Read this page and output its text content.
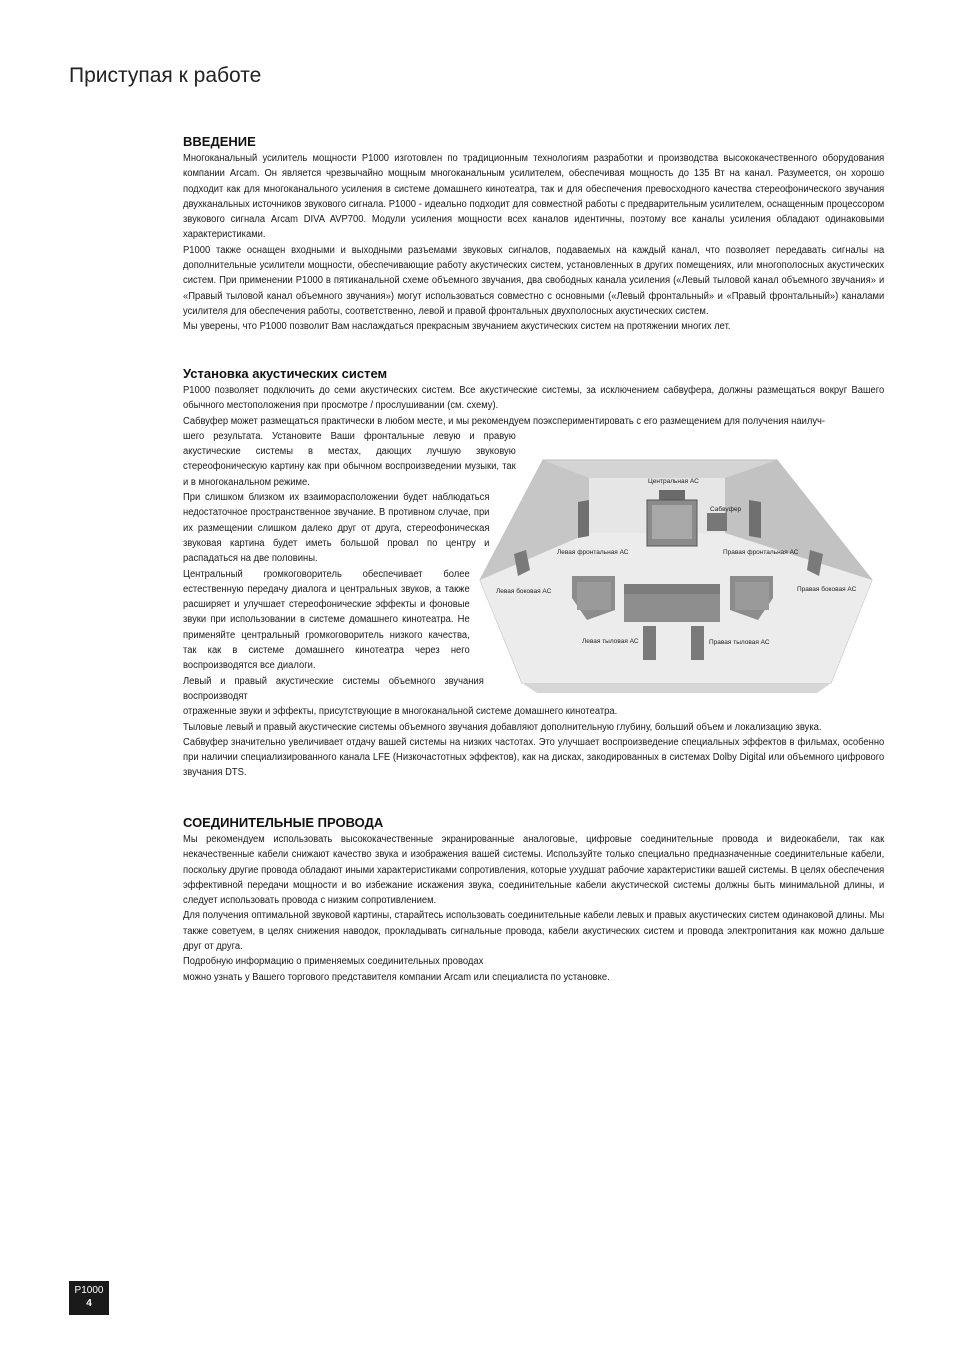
Приступая к работе
ВВЕДЕНИЕ

Многоканальный усилитель мощности P1000 изготовлен по традиционным технологиям разработки и производства высококачественного оборудования компании Arcam. Он является чрезвычайно мощным многоканальным усилителем, обеспечивая мощность до 135 Вт на канал. Разумеется, он хорошо подходит как для многоканального усиления в системе домашнего кинотеатра, так и для обеспечения превосходного качества стереофонического звучания двухканальных источников звукового сигнала. P1000 - идеально подходит для совместной работы с предварительным усилителем, оснащенным процессором звукового сигнала Arcam DIVA AVP700. Модули усиления мощности всех каналов идентичны, поэтому все каналы усиления обладают одинаковыми характеристиками.

P1000 также оснащен входными и выходными разъемами звуковых сигналов, подаваемых на каждый канал, что позволяет передавать сигналы на дополнительные усилители мощности, обеспечивающие работу акустических систем, установленных в других помещениях, или многополосных акустических систем. При применении P1000 в пятиканальной схеме объемного звучания, два свободных канала усиления («Левый тыловой канал объемного звучания» и «Правый тыловой канал объемного звучания») могут использоваться совместно с основными («Левый фронтальный» и «Правый фронтальный») каналами усилителя для обеспечения работы, соответственно, левой и правой фронтальных двухполосных акустических систем.

Мы уверены, что P1000 позволит Вам наслаждаться прекрасным звучанием акустических систем на протяжении многих лет.

Установка акустических систем

P1000 позволяет подключить до семи акустических систем. Все акустические системы, за исключением сабвуфера, должны размещаться вокруг Вашего обычного местоположения при просмотре / прослушивании (см. схему).

Сабвуфер может размещаться практически в любом месте, и мы рекомендуем поэкспериментировать с его размещением для получения наилуч-

шего результата. Установите Ваши фронтальные левую и правую акустические системы в местах, дающих лучшую звуковую стереофоническую картину как при обычном воспроизведении музыки, так и в многоканальном режиме.

При слишком близком их взаиморасположении будет наблюдаться недостаточное пространственное звучание. В противном случае, при их размещении слишком далеко друг от друга, стереофоническая звуковая картина будет иметь большой провал по центру и распадаться на две половины.

Центральный громкоговоритель обеспечивает более естественную передачу диалога и центральных звуков, а также расширяет и улучшает стереофонические эффекты и фоновые звуки при использовании в системе домашнего кинотеатра. Не применяйте центральный громкоговоритель низкого качества, так как в системе домашнего кинотеатра через него воспроизводятся все диалоги.

Левый и правый акустические системы объемного звучания воспроизводят

отраженные звуки и эффекты, присутствующие в многоканальной системе домашнего кинотеатра.

Тыловые левый и правый акустические системы объемного звучания добавляют дополнительную глубину, больший объем и локализацию звука.

Сабвуфер значительно увеличивает отдачу вашей системы на низких частотах. Это улучшает воспроизведение специальных эффектов в фильмах, особенно при наличии специализированного канала LFE (Низкочастотных эффектов), как на дисках, закодированных в системах Dolby Digital или объемного цифрового звучания DTS.

Центральная АС
Сабвуфер
Левая фронтальная АС	Правая фронтальная АС
Левая боковая АС	Правая боковая АС
Левая тыловая АС	Правая тыловая АС
СОЕДИНИТЕЛЬНЫЕ ПРОВОДА

Мы рекомендуем использовать высококачественные экранированные аналоговые, цифровые соединительные провода и видеокабели, так как некачественные кабели снижают качество звука и изображения вашей системы. Используйте только специально предназначенные соединительные кабели, поскольку другие провода обладают иными характеристиками сопротивления, которые ухудшат рабочие характеристики вашей системы. В целях обеспечения эффективной передачи мощности и во избежание искажения звука, соединительные кабели акустической системы должны быть минимальной длины, и следует использовать провода с низким сопротивлением.

Для получения оптимальной звуковой картины, старайтесь использовать соединительные кабели левых и правых акустических систем одинаковой длины. Мы также советуем, в целях снижения наводок, прокладывать сигнальные провода, кабели акустических систем и провода электропитания как можно дальше друг от друга.

Подробную информацию о применяемых соединительных проводах

можно узнать у Вашего торгового представителя компании Arcam или специалиста по установке.

P1000
4
